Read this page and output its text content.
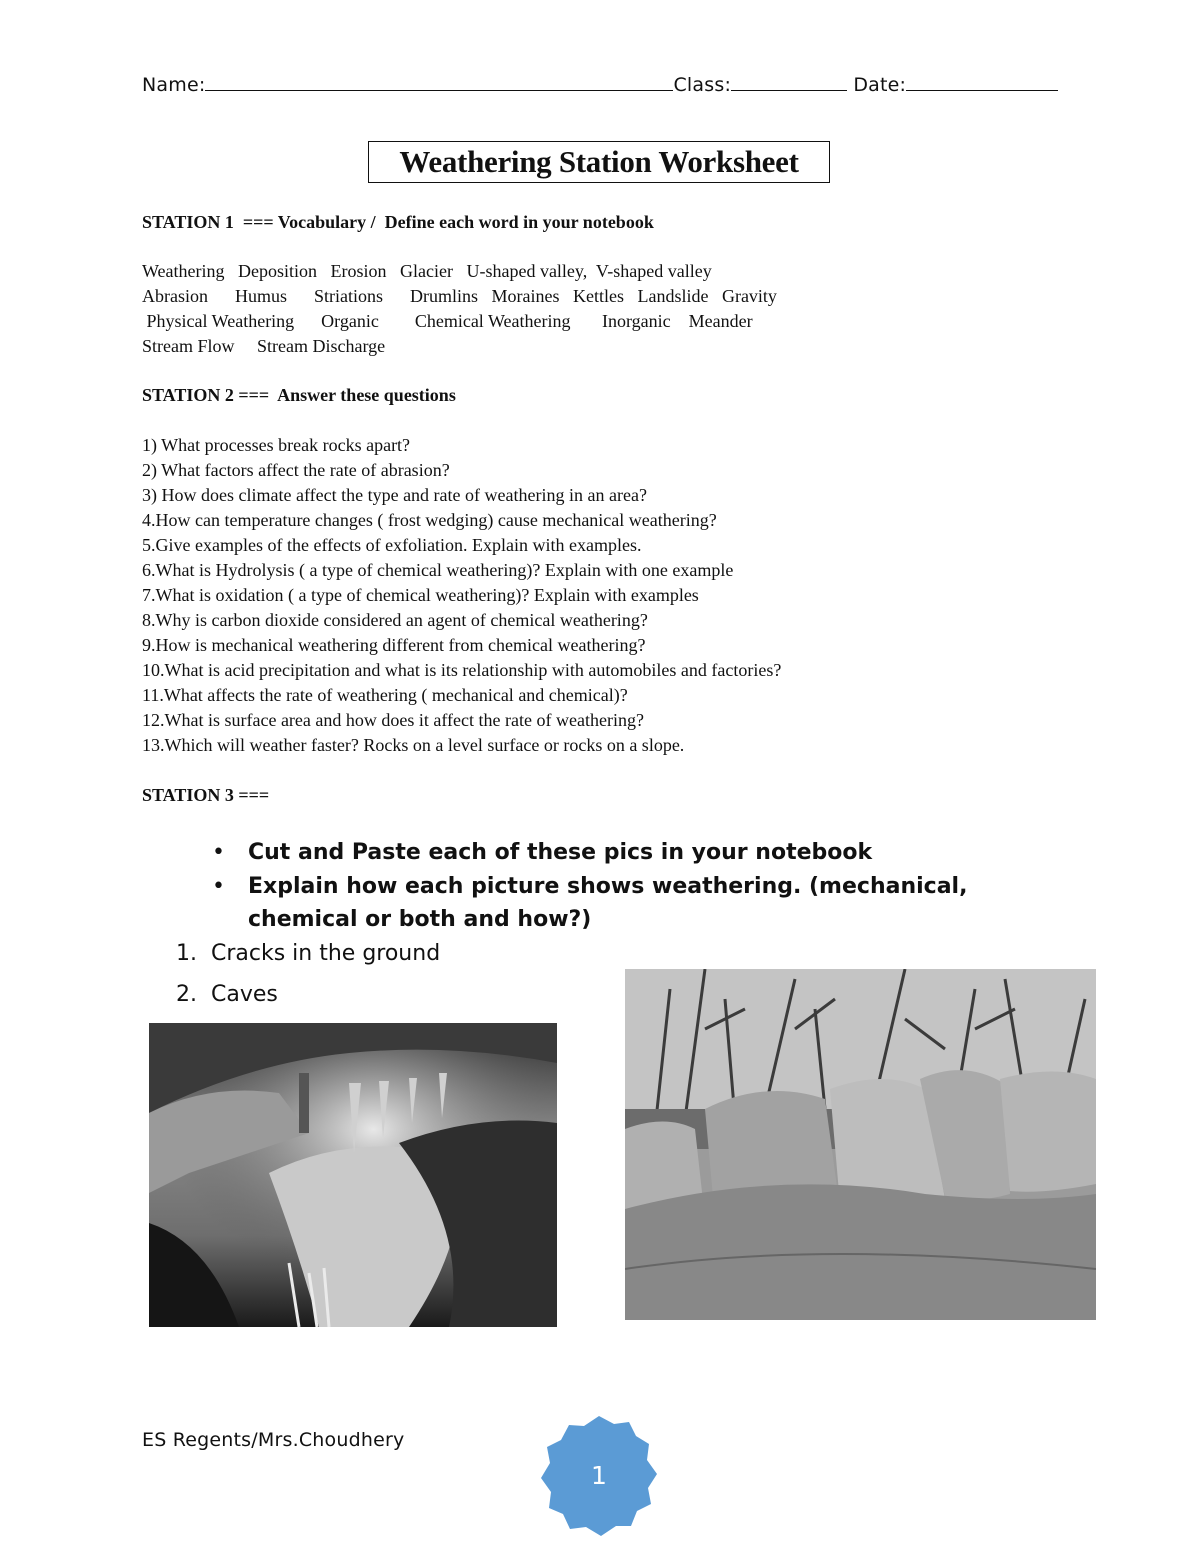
Name:	Class:	Date:
Weathering Station Worksheet
STATION 1 === Vocabulary /  Define each word in your notebook
Weathering   Deposition   Erosion   Glacier   U-shaped valley,  V-shaped valley
Abrasion      Humus      Striations      Drumlins   Moraines   Kettles   Landslide   Gravity
Physical Weathering      Organic        Chemical Weathering       Inorganic    Meander
Stream Flow     Stream Discharge
STATION 2 === Answer these questions
1) What processes break rocks apart?
2) What factors affect the rate of abrasion?
3) How does climate affect the type and rate of weathering in an area?
4.How can temperature changes ( frost wedging) cause mechanical weathering?
5.Give examples of the effects of exfoliation. Explain with examples.
6.What is Hydrolysis ( a type of chemical weathering)? Explain with one example
7.What is oxidation ( a type of chemical weathering)? Explain with examples
8.Why is carbon dioxide considered an agent of chemical weathering?
9.How is mechanical weathering different from chemical weathering?
10.What is acid precipitation and what is its relationship with automobiles and factories?
11.What affects the rate of weathering ( mechanical and chemical)?
12.What is surface area and how does it affect the rate of weathering?
13.Which will weather faster? Rocks on a level surface or rocks on a slope.
STATION 3 ===
• Cut and Paste each of these pics in your notebook
• Explain how each picture shows weathering. (mechanical,
chemical or both and how?)
1. Cracks in the ground
2. Caves
ES Regents/Mrs.Choudhery
1
